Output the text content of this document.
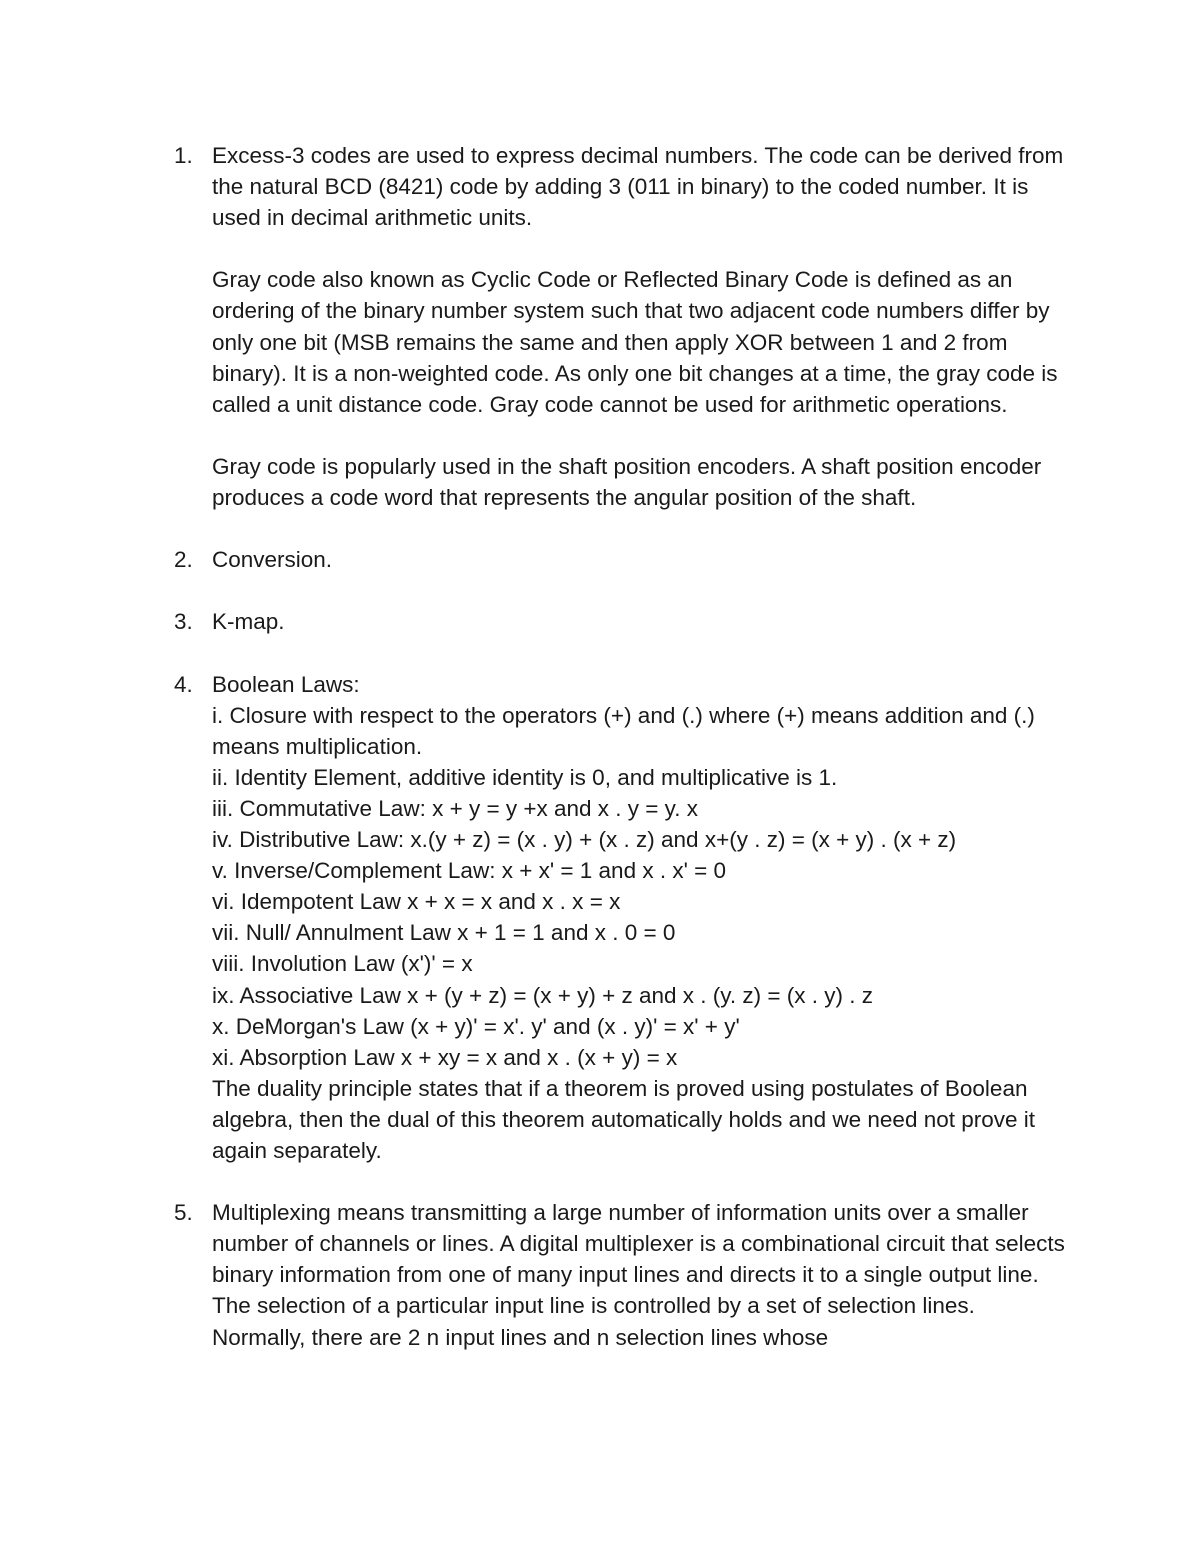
1. Excess-3 codes are used to express decimal numbers. The code can be derived from the natural BCD (8421) code by adding 3 (011 in binary) to the coded number. It is used in decimal arithmetic units.

Gray code also known as Cyclic Code or Reflected Binary Code is defined as an ordering of the binary number system such that two adjacent code numbers differ by only one bit (MSB remains the same and then apply XOR between 1 and 2 from binary). It is a non-weighted code. As only one bit changes at a time, the gray code is called a unit distance code. Gray code cannot be used for arithmetic operations.

Gray code is popularly used in the shaft position encoders. A shaft position encoder produces a code word that represents the angular position of the shaft.

2. Conversion.

3. K-map.

4. Boolean Laws:

i. Closure with respect to the operators (+) and (.) where (+) means addition and (.) means multiplication.

ii. Identity Element, additive identity is 0, and multiplicative is 1.

iii. Commutative Law: x + y = y +x and x . y = y. x

iv. Distributive Law: x.(y + z) = (x . y) + (x . z) and x+(y . z) = (x + y) . (x + z)

v. Inverse/Complement Law: x + x' = 1 and x . x' = 0

vi. Idempotent Law x + x = x and x . x = x

vii. Null/ Annulment Law x + 1 = 1 and x . 0 = 0

viii. Involution Law (x')' = x

ix. Associative Law x + (y + z) = (x + y) + z and x . (y. z) = (x . y) . z

x. DeMorgan's Law (x + y)' = x'. y' and (x . y)' = x' + y'

xi. Absorption Law x + xy = x and x . (x + y) = x

The duality principle states that if a theorem is proved using postulates of Boolean algebra, then the dual of this theorem automatically holds and we need not prove it again separately.

5. Multiplexing means transmitting a large number of information units over a smaller number of channels or lines. A digital multiplexer is a combinational circuit that selects binary information from one of many input lines and directs it to a single output line. The selection of a particular input line is controlled by a set of selection lines. Normally, there are 2 n input lines and n selection lines whose
